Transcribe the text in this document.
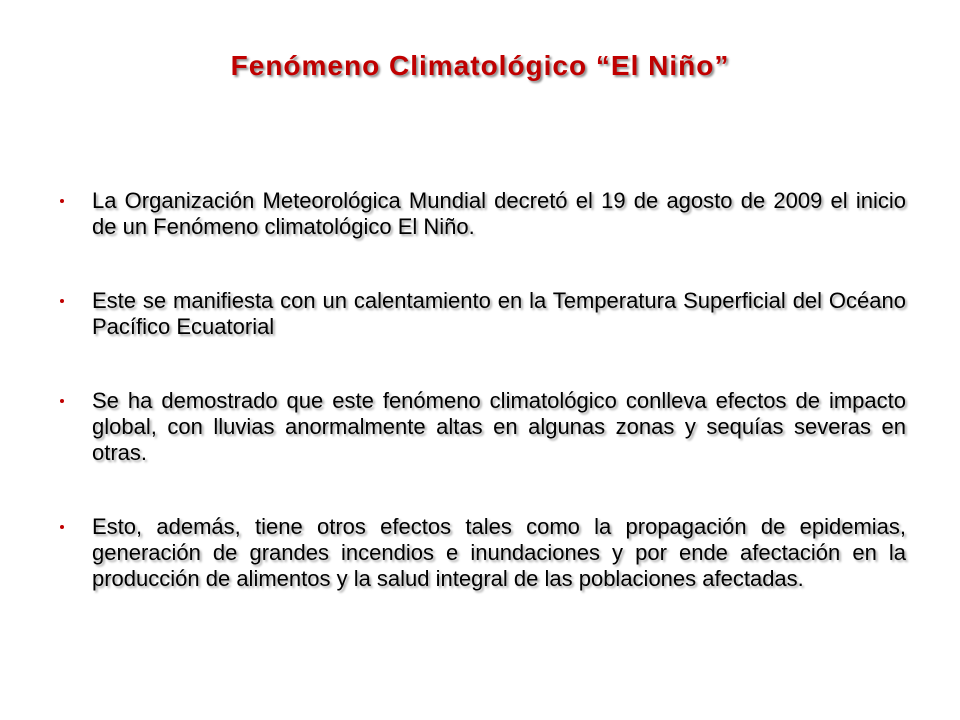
Fenómeno Climatológico “El Niño”
La Organización Meteorológica Mundial decretó el 19 de agosto de 2009 el inicio de un Fenómeno climatológico El Niño.
Este se manifiesta con un calentamiento en la Temperatura Superficial del Océano Pacífico Ecuatorial
Se ha demostrado que este fenómeno climatológico conlleva efectos de impacto global, con lluvias anormalmente altas en algunas zonas y sequías severas en otras.
Esto, además, tiene otros efectos tales como la propagación de epidemias, generación de grandes incendios e inundaciones y por ende afectación en la producción de alimentos y la salud integral de las poblaciones afectadas.
